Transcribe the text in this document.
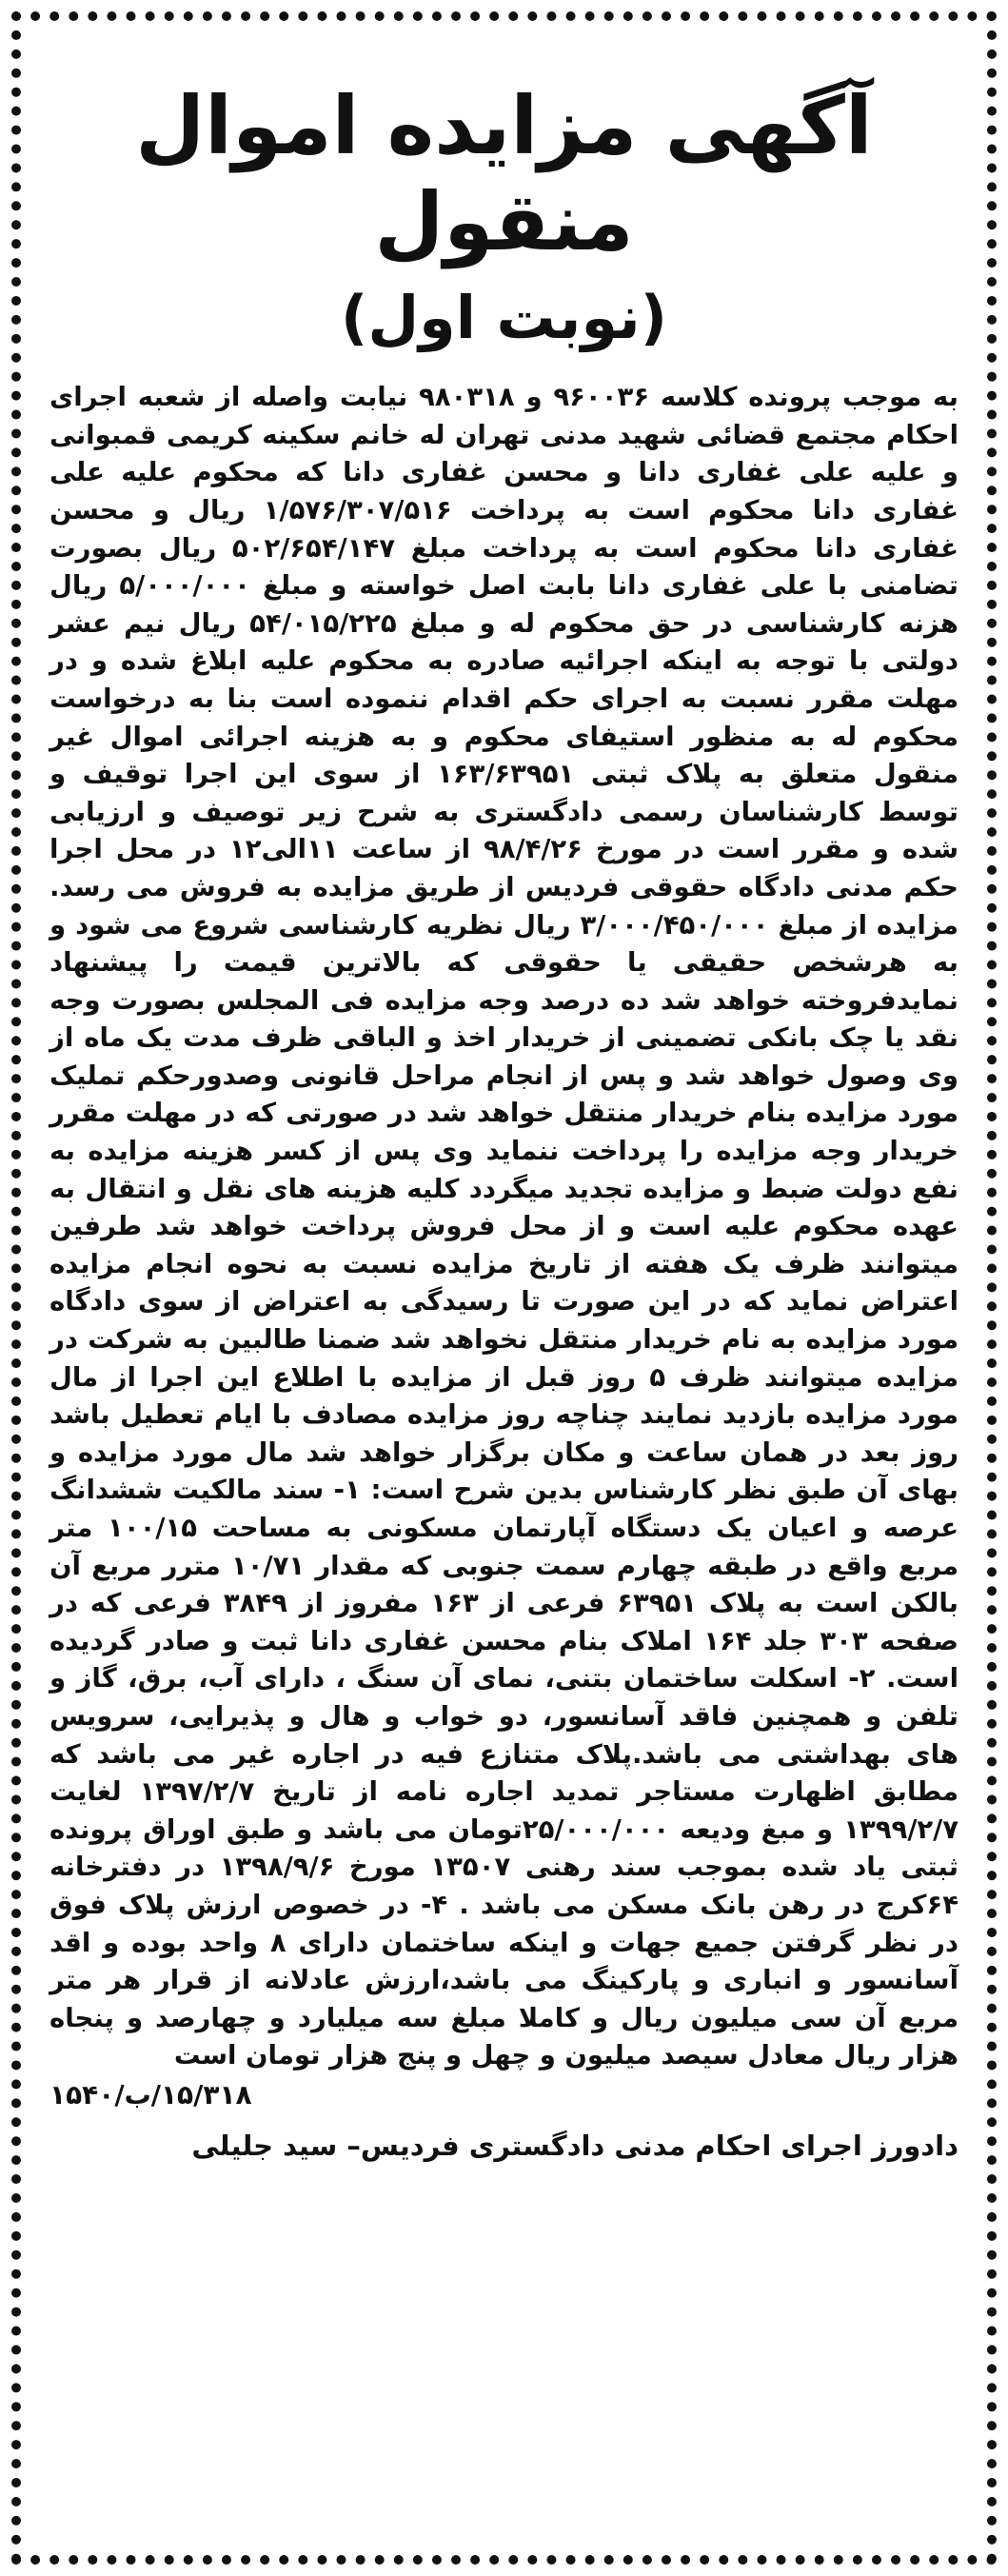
آگهی مزایده اموال منقول
(نوبت اول)

به موجب پرونده کلاسه ۹۶۰۰۳۶ و ۹۸۰۳۱۸ نیابت واصله از شعبه اجرای احکام مجتمع قضائی شهید مدنی تهران له خانم سکینه کریمی قمبوانی و علیه علی غفاری دانا و محسن غفاری دانا که محکوم علیه علی غفاری دانا محکوم است به پرداخت ۱/۵۷۶/۳۰۷/۵۱۶ ریال و محسن غفاری دانا محکوم است به پرداخت مبلغ ۵۰۲/۶۵۴/۱۴۷ ریال بصورت تضامنی با علی غفاری دانا بابت اصل خواسته و مبلغ ۵/۰۰۰/۰۰۰ ریال هزنه کارشناسی در حق محکوم له و مبلغ ۵۴/۰۱۵/۲۲۵ ریال نیم عشر دولتی با توجه به اینکه اجرائیه صادره به محکوم علیه ابلاغ شده و در مهلت مقرر نسبت به اجرای حکم اقدام ننموده است بنا به درخواست محکوم له به منظور استیفای محکوم و به هزینه اجرائی اموال غیر منقول متعلق به پلاک ثبتی ۱۶۳/۶۳۹۵۱ از سوی این اجرا توقیف و توسط کارشناسان رسمی دادگستری به شرح زیر توصیف و ارزیابی شده و مقرر است در مورخ ۹۸/۴/۲۶ از ساعت ۱۱الی۱۲ در محل اجرا حکم مدنی دادگاه حقوقی فردیس از طریق مزایده به فروش می رسد. مزایده از مبلغ ۳/۰۰۰/۴۵۰/۰۰۰ ریال نظریه کارشناسی شروع می شود و به هرشخص حقیقی یا حقوقی که بالاترین قیمت را پیشنهاد نمایدفروخته خواهد شد ده درصد وجه مزایده فی المجلس بصورت وجه نقد یا چک بانکی تضمینی از خریدار اخذ و الباقی ظرف مدت یک ماه از وی وصول خواهد شد و پس از انجام مراحل قانونی وصدورحکم تملیک مورد مزایده بنام خریدار منتقل خواهد شد در صورتی که در مهلت مقرر خریدار وجه مزایده را پرداخت ننماید وی پس از کسر هزینه مزایده به نفع دولت ضبط و مزایده تجدید میگردد کلیه هزینه های نقل و انتقال به عهده محکوم علیه است و از محل فروش پرداخت خواهد شد طرفین میتوانند ظرف یک هفته از تاریخ مزایده نسبت به نحوه انجام مزایده اعتراض نماید که در این صورت تا رسیدگی به اعتراض از سوی دادگاه مورد مزایده به نام خریدار منتقل نخواهد شد ضمنا طالبین به شرکت در مزایده میتوانند ظرف ۵ روز قبل از مزایده با اطلاع این اجرا از مال مورد مزایده بازدید نمایند چناچه روز مزایده مصادف با ایام تعطیل باشد روز بعد در همان ساعت و مکان برگزار خواهد شد مال مورد مزایده و بهای آن طبق نظر کارشناس بدین شرح است: ۱- سند مالکیت ششدانگ عرصه و اعیان یک دستگاه آپارتمان مسکونی به مساحت ۱۰۰/۱۵ متر مربع واقع در طبقه چهارم سمت جنوبی که مقدار ۱۰/۷۱ مترر مربع آن بالکن است به پلاک ۶۳۹۵۱ فرعی از ۱۶۳ مفروز از ۳۸۴۹ فرعی که در صفحه ۳۰۳ جلد ۱۶۴ املاک بنام محسن غفاری دانا ثبت و صادر گردیده است. ۲- اسکلت ساختمان بتنی، نمای آن سنگ ، دارای آب، برق، گاز و تلفن و همچنین فاقد آسانسور، دو خواب و هال و پذیرایی، سرویس های بهداشتی می باشد.پلاک متنازع فیه در اجاره غیر می باشد که مطابق اظهارت مستاجر تمدید اجاره نامه از تاریخ ۱۳۹۷/۲/۷ لغایت ۱۳۹۹/۲/۷ و مبغ ودیعه ۲۵/۰۰۰/۰۰۰تومان می باشد و طبق اوراق پرونده ثبتی یاد شده بموجب سند رهنی ۱۳۵۰۷ مورخ ۱۳۹۸/۹/۶ در دفترخانه ۶۴کرج در رهن بانک مسکن می باشد . ۴- در خصوص ارزش پلاک فوق در نظر گرفتن جمیع جهات و اینکه ساختمان دارای ۸ واحد بوده و اقد آسانسور و انباری و پارکینگ می باشد،ارزش عادلانه از قرار هر متر مربع آن سی میلیون ریال و کاملا مبلغ سه میلیارد و چهارصد و پنجاه هزار ریال معادل سیصد میلیون و چهل و پنج هزار تومان است

۱۵/۳۱۸/ب/۱۵۴۰

دادورز اجرای احکام مدنی دادگستری فردیس– سید جلیلی
